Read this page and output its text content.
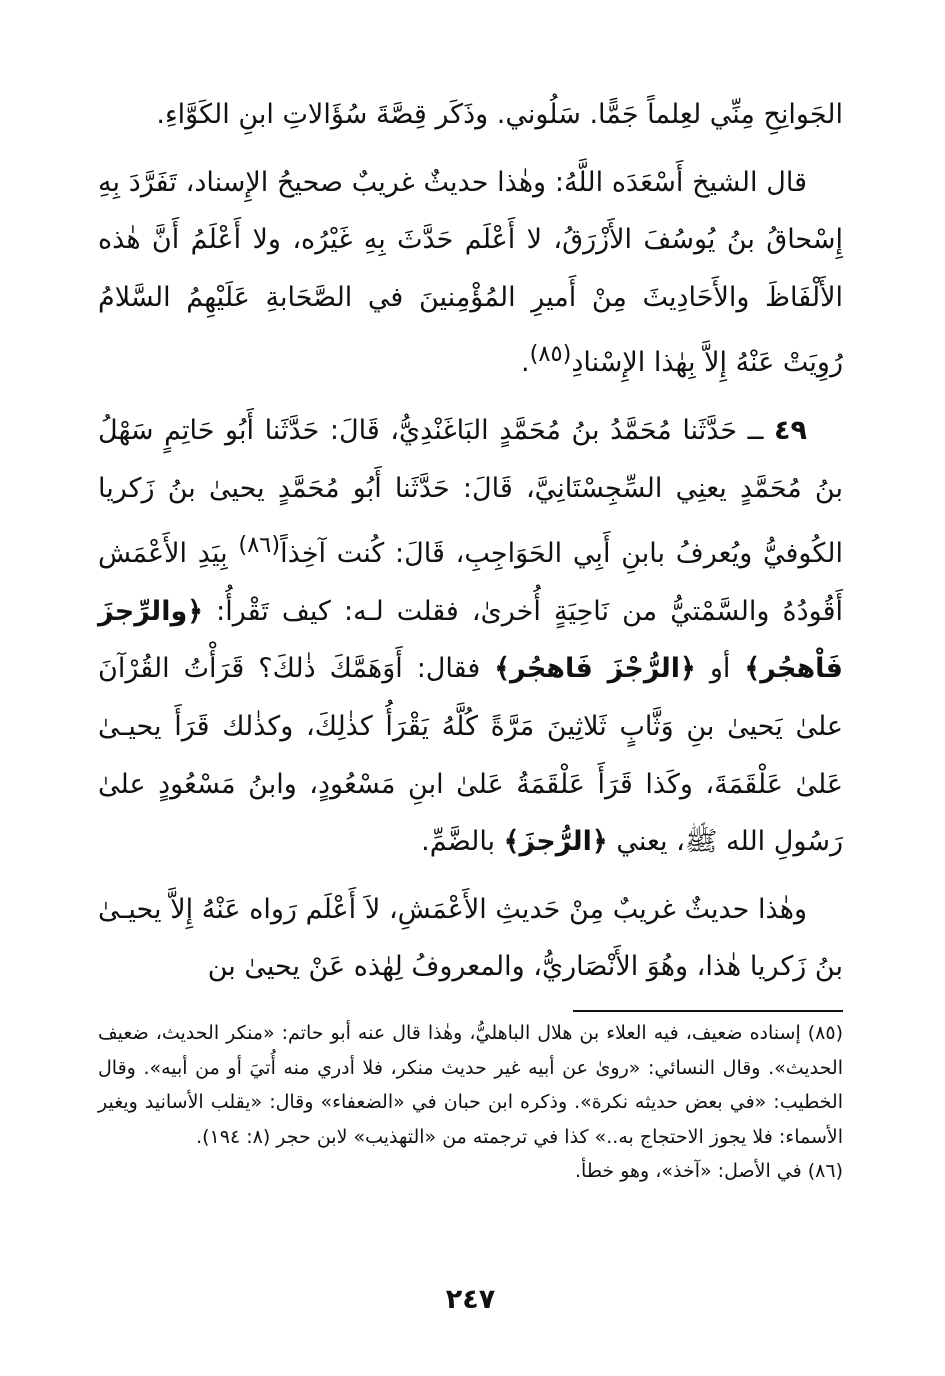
الجَوانِحِ مِنِّي لعِلماً جَمًّا. سَلُوني. وذَكَر قِصَّةَ سُؤَالاتِ ابنِ الكَوَّاءِ.

قال الشيخ أَسْعَدَه اللَّهُ: وهٰذا حديثٌ غريبٌ صحيحُ الإِسناد، تَفَرَّدَ بِهِ إِسْحاقُ بنُ يُوسُفَ الأَزْرَقُ، لا أَعْلَم حَدَّثَ بِهِ غَيْرُه، ولا أَعْلَمُ أَنَّ هٰذه الأَلْفَاظَ والأَحَادِيثَ مِنْ أَميرِ المُؤْمِنينَ في الصَّحَابةِ عَلَيْهِمُ السَّلامُ رُوِيَتْ عَنْهُ إِلاَّ بِهٰذا الإِسْنادِ$^{(٨٥)}$.

٤٩ ــ حَدَّثَنا مُحَمَّدُ بنُ مُحَمَّدٍ البَاغَنْدِيُّ، قَالَ: حَدَّثَنا أَبُو حَاتِمٍ سَهْلُ بنُ مُحَمَّدٍ يعنِي السِّجِسْتَانِيَّ، قَالَ: حَدَّثَنا أَبُو مُحَمَّدٍ يحيىٰ بنُ زَكريا الكُوفيُّ ويُعرفُ بابنِ أَبِي الحَوَاجِبِ، قَالَ: كُنت آخِذاً$^{(٨٦)}$ بِيَدِ الأَعْمَش أَقُودُهُ والسَّمْتيُّ من نَاحِيَةٍ أُخرىٰ، فقلت لـه: كيف تَقْرأُ: ﴿والرِّجزَ فَاْهجُر﴾ أو ﴿الرُّجْزَ فَاهجُر﴾ فقال: أَوَهَمَّكَ ذٰلكَ؟ قَرَأْتُ القُرْآنَ علىٰ يَحيىٰ بنِ وَثَّابٍ ثَلاثِينَ مَرَّةً كُلَّهُ يَقْرَأُ كذٰلِكَ، وكذٰلك قَرَأَ يحيـىٰ عَلىٰ عَلْقَمَةَ، وكَذا قَرَأَ عَلْقَمَةُ عَلىٰ ابنِ مَسْعُودٍ، وابنُ مَسْعُودٍ علىٰ رَسُولِ الله ﷺ، يعني ﴿الرُّجزَ﴾ بالضَّمِّ.

وهٰذا حديثٌ غريبٌ مِنْ حَديثِ الأَعْمَشِ، لاَ أَعْلَم رَواه عَنْهُ إِلاَّ يحيـىٰ بنُ زَكريا هٰذا، وهُوَ الأَنْصَاريُّ، والمعروفُ لِهٰذه عَنْ يحيىٰ بن

(٨٥) إسناده ضعيف، فيه العلاء بن هلال الباهليُّ، وهٰذا قال عنه أبو حاتم: «منكر الحديث، ضعيف الحديث». وقال النسائي: «روىٰ عن أبيه غير حديث منكر، فلا أدري منه أُتيَ أو من أبيه». وقال الخطيب: «في بعض حديثه نكرة». وذكره ابن حبان في «الضعفاء» وقال: «يقلب الأسانيد ويغير الأسماء: فلا يجوز الاحتجاج به..» كذا في ترجمته من «التهذيب» لابن حجر (٨: ١٩٤).

(٨٦) في الأصل: «آخذ»، وهو خطأ.

٢٤٧
